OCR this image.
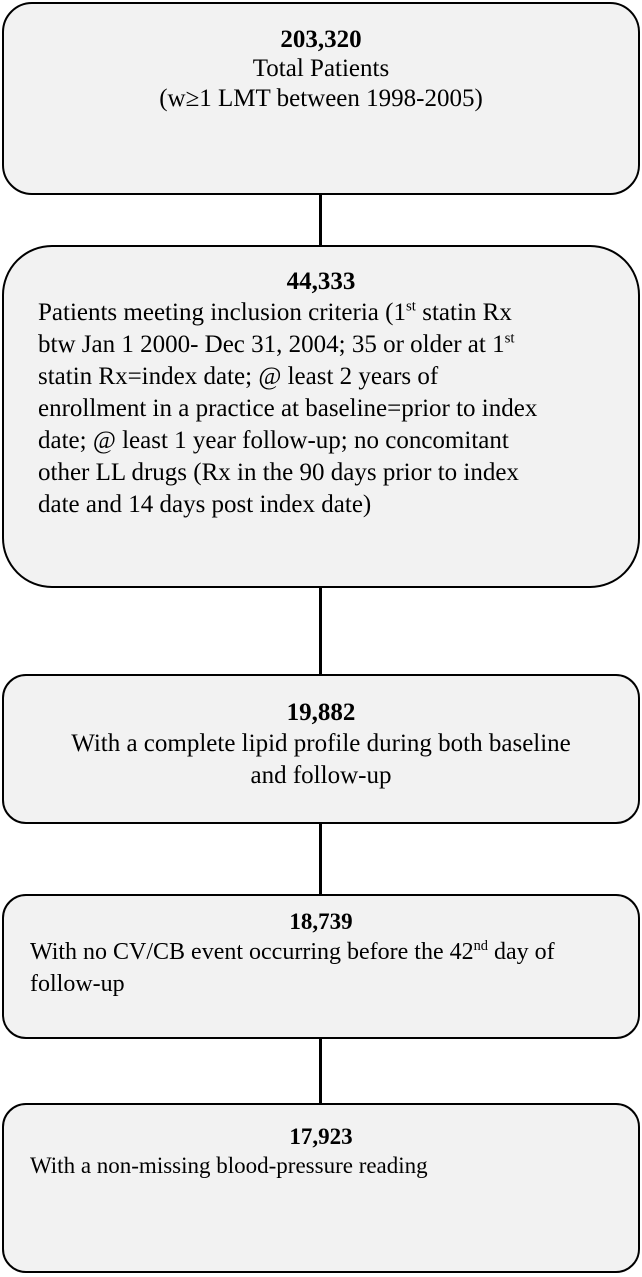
203,320
Total Patients
(w≥1 LMT between 1998-2005)
44,333
Patients meeting inclusion criteria (1st statin Rx
btw Jan 1 2000- Dec 31, 2004; 35 or older at 1st
statin Rx=index date; @ least 2 years of
enrollment in a practice at baseline=prior to index
date; @ least 1 year follow-up; no concomitant
other LL drugs (Rx in the 90 days prior to index
date and 14 days post index date)
19,882
With a complete lipid profile during both baseline
and follow-up
18,739
With no CV/CB event occurring before the 42nd day of
follow-up
17,923
With a non-missing blood-pressure reading
